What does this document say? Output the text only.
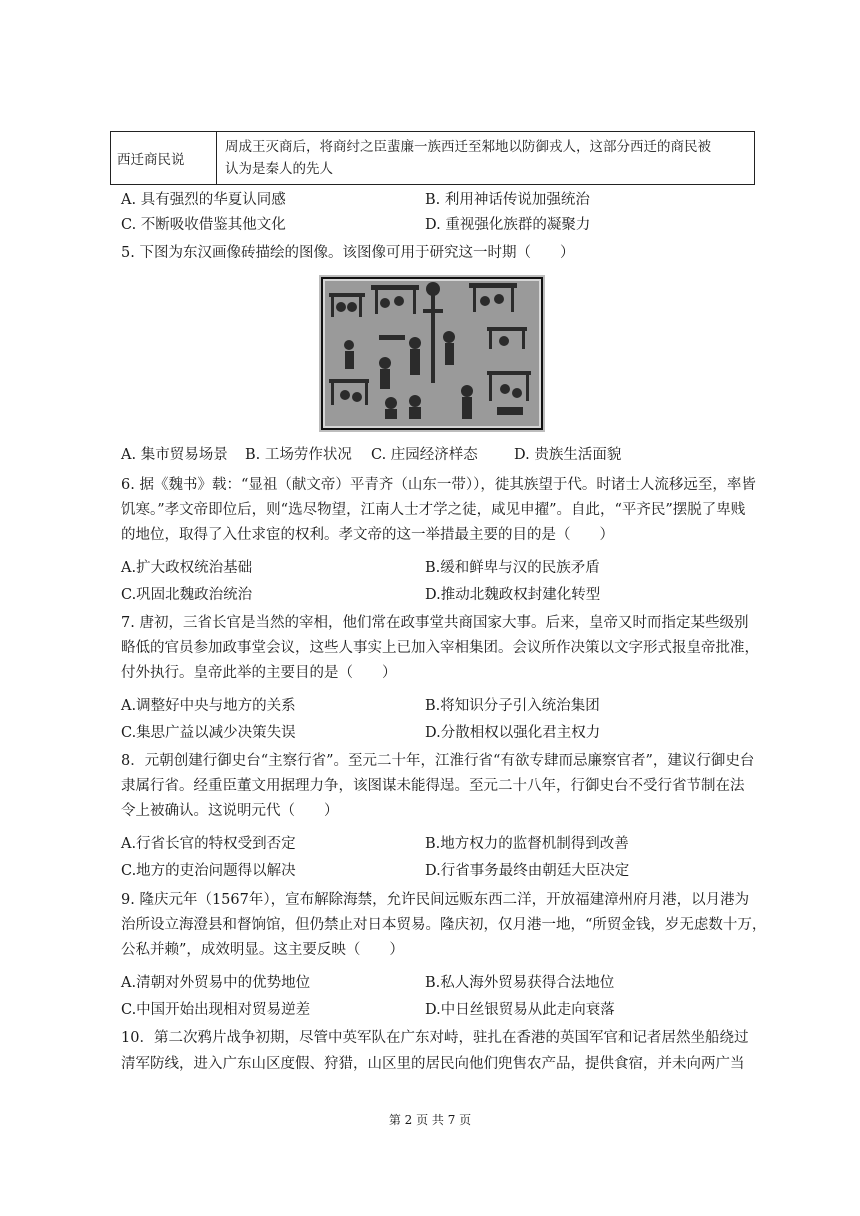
西迁商民说
周成王灭商后，将商纣之臣蜚廉一族西迁至邾地以防御戎人，这部分西迁的商民被
认为是秦人的先人
A. 具有强烈的华夏认同感	B. 利用神话传说加强统治
C. 不断吸收借鉴其他文化	D. 重视强化族群的凝聚力
5. 下图为东汉画像砖描绘的图像。该图像可用于研究这一时期（　　）
A. 集市贸易场景 B. 工场劳作状况 C. 庄园经济样态 D. 贵族生活面貌
6. 据《魏书》载：“显祖（献文帝）平青齐（山东一带）），徙其族望于代。时诸士人流移远至，率皆
饥寒。”孝文帝即位后，则“选尽物望，江南人士才学之徒，咸见申擢”。自此，“平齐民”摆脱了卑贱
的地位，取得了入仕求宦的权利。孝文帝的这一举措最主要的目的是（　　）
A.扩大政权统治基础	B.缓和鲜卑与汉的民族矛盾
C.巩固北魏政治统治	D.推动北魏政权封建化转型
7. 唐初，三省长官是当然的宰相，他们常在政事堂共商国家大事。后来，皇帝又时而指定某些级别
略低的官员参加政事堂会议，这些人事实上已加入宰相集团。会议所作决策以文字形式报皇帝批准，
付外执行。皇帝此举的主要目的是（　　）
A.调整好中央与地方的关系	B.将知识分子引入统治集团
C.集思广益以减少决策失误	D.分散相权以强化君主权力
8．元朝创建行御史台“主察行省”。至元二十年，江淮行省“有欲专肆而忌廉察官者”，建议行御史台
隶属行省。经重臣董文用据理力争，该图谋未能得逞。至元二十八年，行御史台不受行省节制在法
令上被确认。这说明元代（　　）
A.行省长官的特权受到否定	B.地方权力的监督机制得到改善
C.地方的吏治问题得以解决	D.行省事务最终由朝廷大臣决定
9. 隆庆元年（1567年），宣布解除海禁，允许民间远贩东西二洋，开放福建漳州府月港，以月港为
治所设立海澄县和督饷馆，但仍禁止对日本贸易。隆庆初，仅月港一地，“所贸金钱，岁无虑数十万，
公私并赖”，成效明显。这主要反映（　　）
A.清朝对外贸易中的优势地位	B.私人海外贸易获得合法地位
C.中国开始出现相对贸易逆差	D.中日丝银贸易从此走向衰落
10．第二次鸦片战争初期，尽管中英军队在广东对峙，驻扎在香港的英国军官和记者居然坐船绕过
清军防线，进入广东山区度假、狩猎，山区里的居民向他们兜售农产品，提供食宿，并未向两广当
第 2 页 共 7 页
